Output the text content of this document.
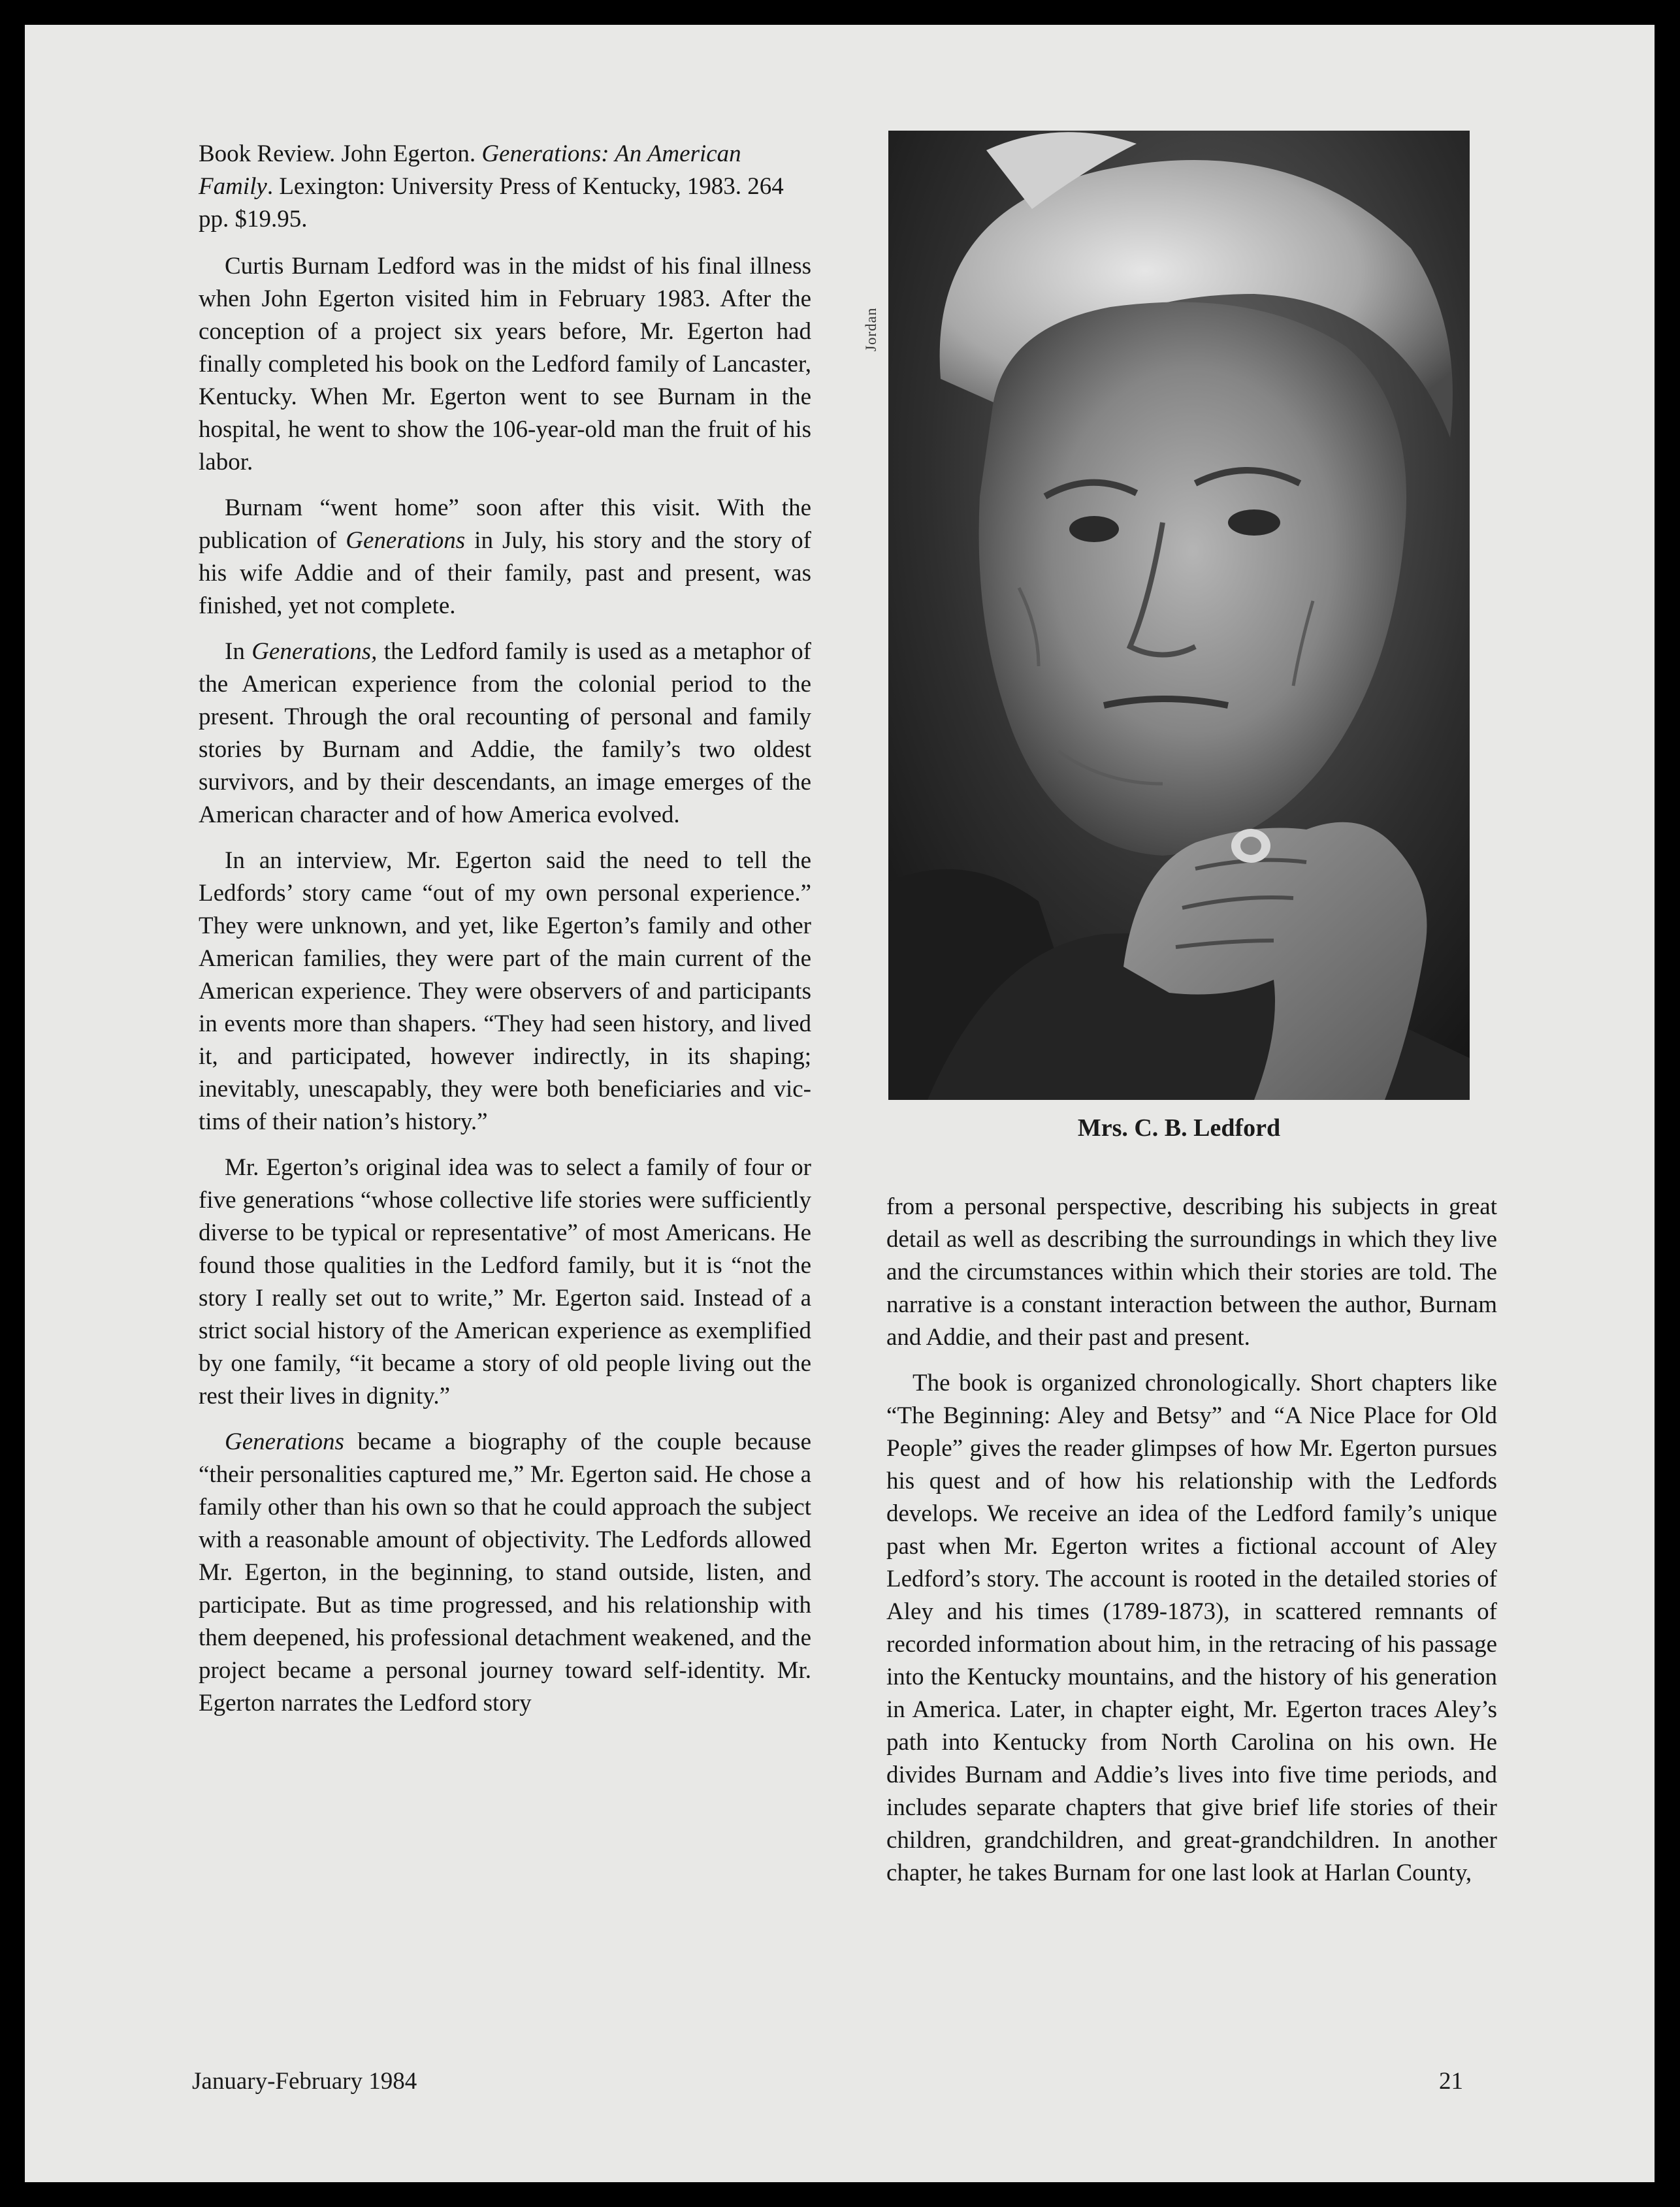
Book Review. John Egerton. Generations: An American Family. Lexington: University Press of Kentucky, 1983. 264 pp. $19.95.

Curtis Burnam Ledford was in the midst of his final illness when John Egerton visited him in February 1983. After the conception of a project six years before, Mr. Egerton had finally completed his book on the Ledford family of Lancaster, Kentucky. When Mr. Egerton went to see Burnam in the hospital, he went to show the 106-year-old man the fruit of his labor.

Burnam “went home” soon after this visit. With the publication of Generations in July, his story and the story of his wife Addie and of their family, past and present, was finished, yet not complete.

In Generations, the Ledford family is used as a metaphor of the American experience from the colonial period to the present. Through the oral recounting of personal and family stories by Burnam and Addie, the family’s two oldest survivors, and by their descendants, an image emerges of the American character and of how America evolved.

In an interview, Mr. Egerton said the need to tell the Ledfords’ story came “out of my own personal experience.” They were unknown, and yet, like Egerton’s family and other American families, they were part of the main current of the American experience. They were observers of and participants in events more than shapers. “They had seen history, and lived it, and participated, however indirectly, in its shaping; inevitably, unescapably, they were both beneficiaries and victims of their nation’s history.”

Mr. Egerton’s original idea was to select a family of four or five generations “whose collective life stories were sufficiently diverse to be typical or representative” of most Americans. He found those qualities in the Ledford family, but it is “not the story I really set out to write,” Mr. Egerton said. Instead of a strict social history of the American experience as exemplified by one family, “it became a story of old people living out the rest their lives in dignity.”

Generations became a biography of the couple because “their personalities captured me,” Mr. Egerton said. He chose a family other than his own so that he could approach the subject with a reasonable amount of objectivity. The Ledfords allowed Mr. Egerton, in the beginning, to stand outside, listen, and participate. But as time progressed, and his relationship with them deepened, his professional detachment weakened, and the project became a personal journey toward self-identity. Mr. Egerton narrates the Ledford story

Jordan
Mrs. C. B. Ledford

from a personal perspective, describing his subjects in great detail as well as describing the surroundings in which they live and the circumstances within which their stories are told. The narrative is a constant interaction between the author, Burnam and Addie, and their past and present.

The book is organized chronologically. Short chapters like “The Beginning: Aley and Betsy” and “A Nice Place for Old People” gives the reader glimpses of how Mr. Egerton pursues his quest and of how his relationship with the Ledfords develops. We receive an idea of the Ledford family’s unique past when Mr. Egerton writes a fictional account of Aley Ledford’s story. The account is rooted in the detailed stories of Aley and his times (1789-1873), in scattered remnants of recorded information about him, in the retracing of his passage into the Kentucky mountains, and the history of his generation in America. Later, in chapter eight, Mr. Egerton traces Aley’s path into Kentucky from North Carolina on his own. He divides Burnam and Addie’s lives into five time periods, and includes separate chapters that give brief life stories of their children, grandchildren, and great-grandchildren. In another chapter, he takes Burnam for one last look at Harlan County,

January-February 1984	21
